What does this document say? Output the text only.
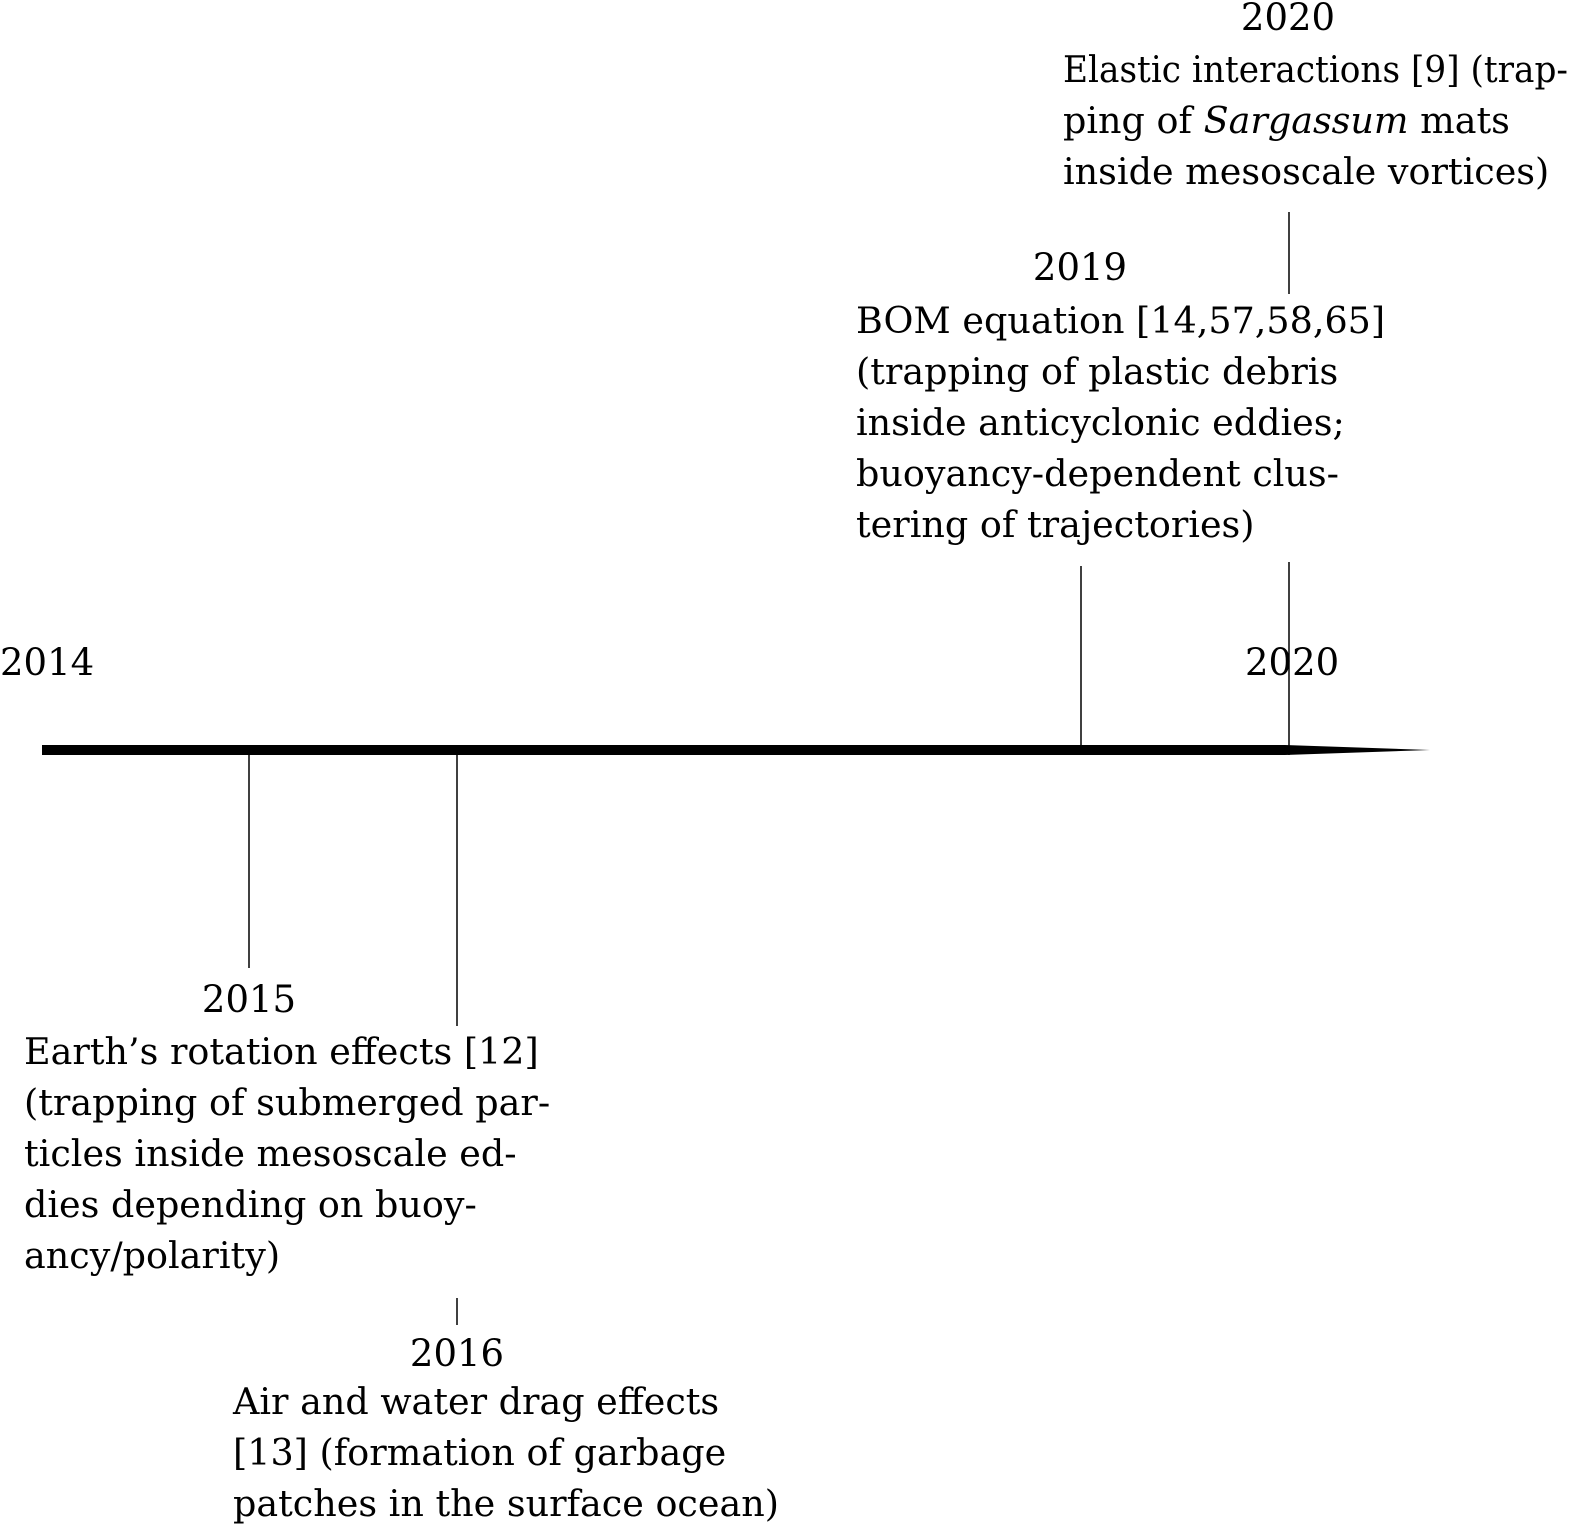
2014	2020
2015
Earth’s rotation effects [12]
(trapping of submerged par-
ticles inside mesoscale ed-
dies depending on buoy-
ancy/polarity)
2016
Air and water drag effects
[13] (formation of garbage
patches in the surface ocean)
2019
BOM equation [14,57,58,65]
(trapping of plastic debris
inside anticyclonic eddies;
buoyancy-dependent clus-
tering of trajectories)
2020
Elastic interactions [9] (trap-
ping of Sargassum mats
inside mesoscale vortices)
